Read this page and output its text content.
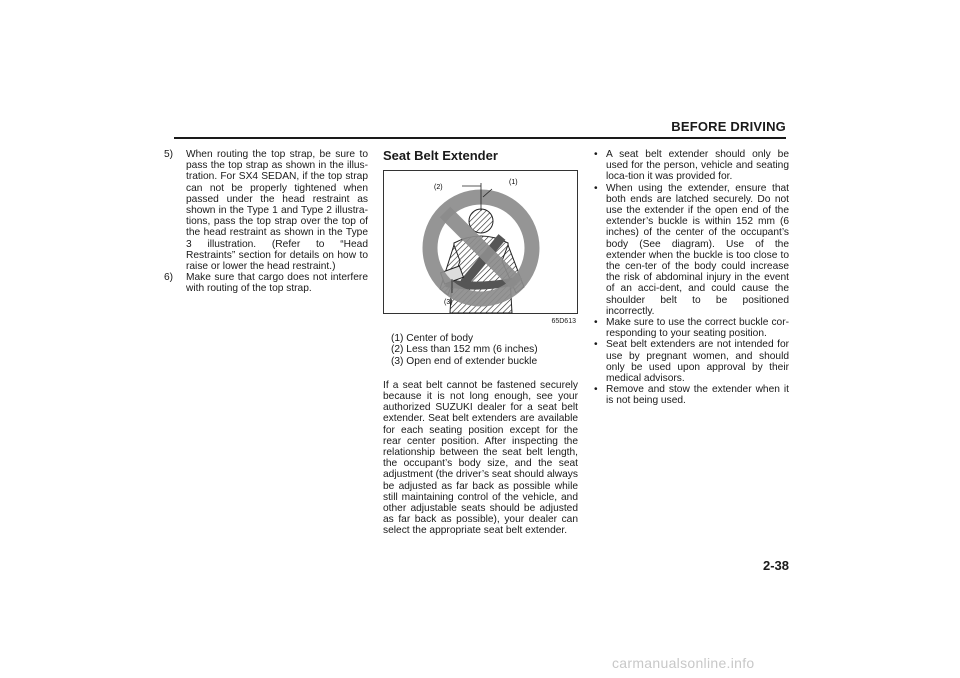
BEFORE DRIVING
5)	When routing the top strap, be sure to pass the top strap as shown in the illus-tration. For SX4 SEDAN, if the top strap can not be properly tightened when passed under the head restraint as shown in the Type 1 and Type 2 illustra-tions, pass the top strap over the top of the head restraint as shown in the Type 3 illustration. (Refer to “Head Restraints” section for details on how to raise or lower the head restraint.)
6)	Make sure that cargo does not interfere with routing of the top strap.
Seat Belt Extender
(2)
(1)
(3)
65D613
(1) Center of body
(2) Less than 152 mm (6 inches)
(3) Open end of extender buckle
If a seat belt cannot be fastened securely because it is not long enough, see your authorized SUZUKI dealer for a seat belt extender. Seat belt extenders are available for each seating position except for the rear center position. After inspecting the relationship between the seat belt length, the occupant’s body size, and the seat adjustment (the driver’s seat should always be adjusted as far back as possible while still maintaining control of the vehicle, and other adjustable seats should be adjusted as far back as possible), your dealer can select the appropriate seat belt extender.
• A seat belt extender should only be used for the person, vehicle and seating loca-tion it was provided for.
• When using the extender, ensure that both ends are latched securely. Do not use the extender if the open end of the extender’s buckle is within 152 mm (6 inches) of the center of the occupant’s body (See diagram). Use of the extender when the buckle is too close to the cen-ter of the body could increase the risk of abdominal injury in the event of an acci-dent, and could cause the shoulder belt to be positioned incorrectly.
• Make sure to use the correct buckle cor-responding to your seating position.
• Seat belt extenders are not intended for use by pregnant women, and should only be used upon approval by their medical advisors.
• Remove and stow the extender when it is not being used.
2-38
carmanualsonline.info
